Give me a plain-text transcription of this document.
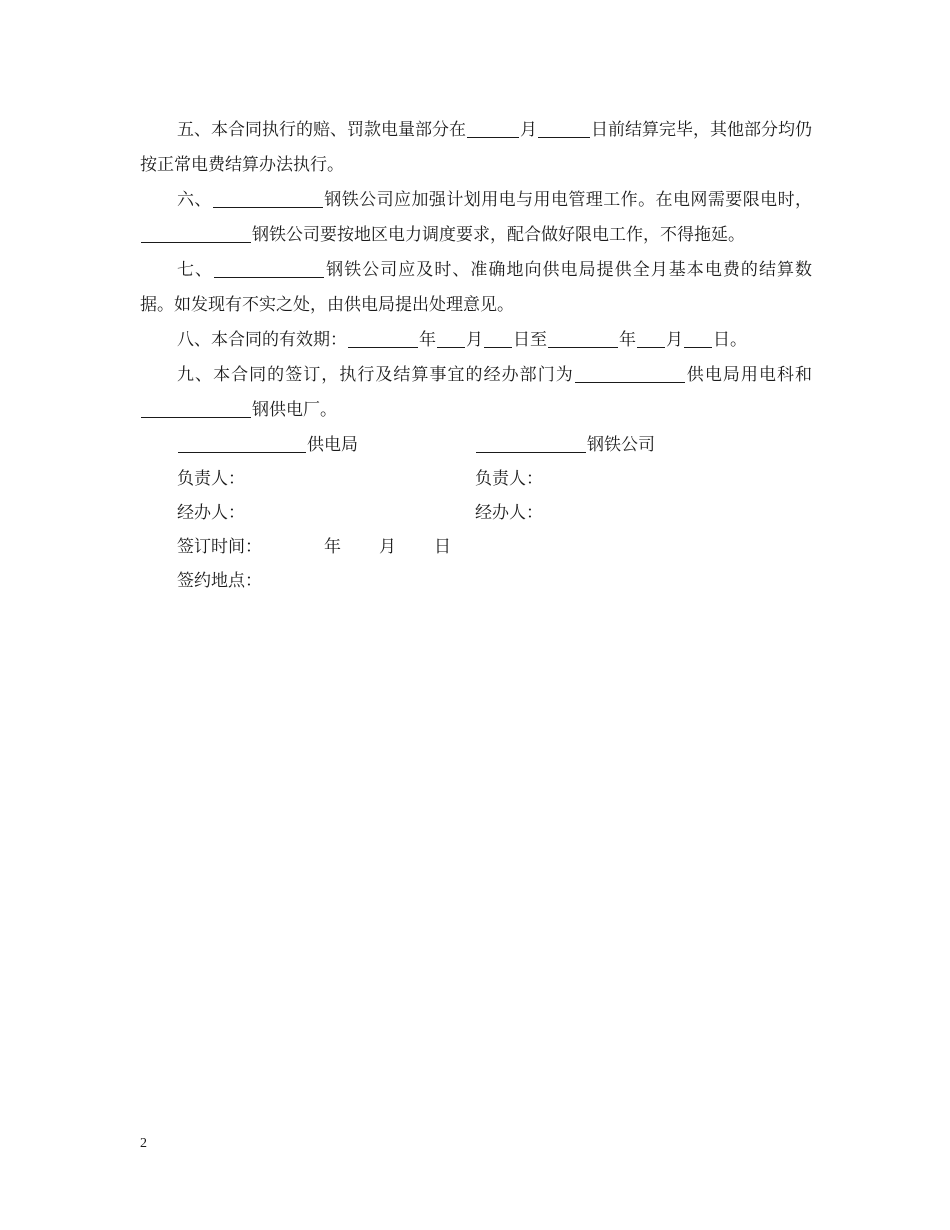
五、本合同执行的赔、罚款电量部分在	月	日前结算完毕，其他部分均仍按正常电费结算办法执行。

六、	钢铁公司应加强计划用电与用电管理工作。在电网需要限电时，钢铁公司要按地区电力调度要求，配合做好限电工作，不得拖延。

七、	钢铁公司应及时、准确地向供电局提供全月基本电费的结算数据。如发现有不实之处，由供电局提出处理意见。

八、本合同的有效期：	年 月 日至	年 月 日。

九、本合同的签订，执行及结算事宜的经办部门为	供电局用电科和钢供电厂。

供电局	钢铁公司
负责人：	负责人：
经办人：	经办人：
签订时间：	年 月 日
签约地点：
2
